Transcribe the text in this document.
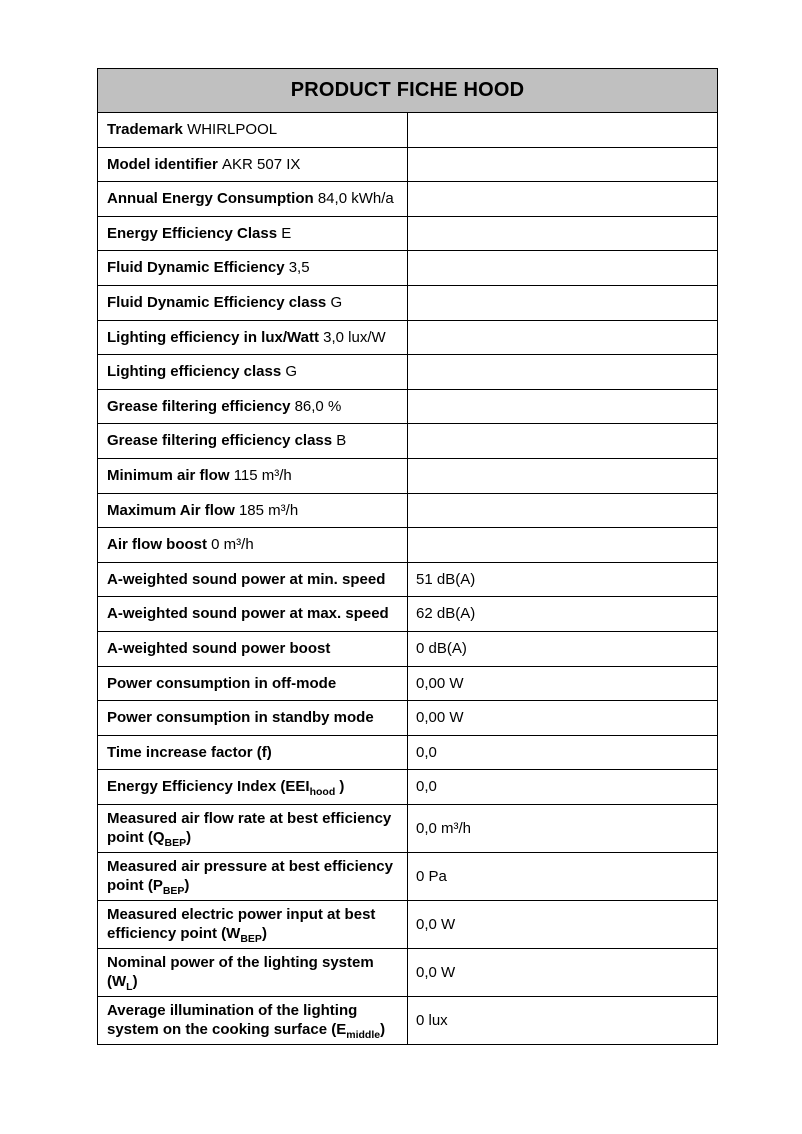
PRODUCT FICHE HOOD	
Trademark WHIRLPOOL	
Model identifier AKR 507 IX	
Annual Energy Consumption 84,0 kWh/a	
Energy Efficiency Class E	
Fluid Dynamic Efficiency 3,5	
Fluid Dynamic Efficiency class G	
Lighting efficiency in lux/Watt 3,0 lux/W	
Lighting efficiency class G	
Grease filtering efficiency 86,0 %	
Grease filtering efficiency class B	
Minimum air flow 115 m³/h	
Maximum Air flow 185 m³/h	
Air flow boost 0 m³/h	
A-weighted sound power at min. speed	51 dB(A)
A-weighted sound power at max. speed	62 dB(A)
A-weighted sound power boost	0 dB(A)
Power consumption in off-mode	0,00 W
Power consumption in standby mode	0,00 W
Time increase factor (f)	0,0
Energy Efficiency Index ($EEI_{hood}$ )	0,0
Measured air flow rate at best efficiency point $(Q_{BEP})$	0,0 m³/h
Measured air pressure at best efficiency point $(P_{BEP})$	0 Pa
Measured electric power input at best efficiency point $(W_{BEP})$	0,0 W
Nominal power of the lighting system $(W_L)$	0,0 W
Average illumination of the lighting system on the cooking surface $(E_{middle})$	0 lux
